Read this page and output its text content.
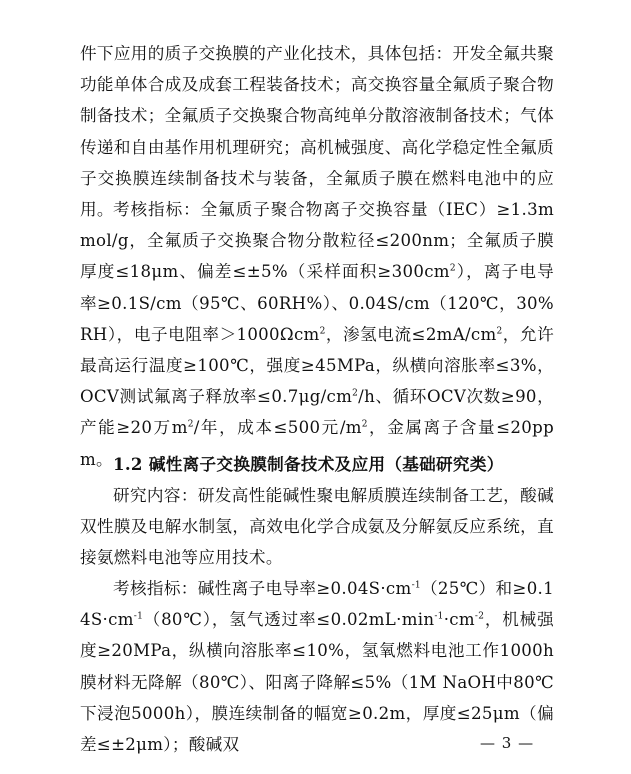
件下应用的质子交换膜的产业化技术，具体包括：开发全氟共聚功能单体合成及成套工程装备技术；高交换容量全氟质子聚合物制备技术；全氟质子交换聚合物高纯单分散溶液制备技术；气体传递和自由基作用机理研究；高机械强度、高化学稳定性全氟质子交换膜连续制备技术与装备，全氟质子膜在燃料电池中的应用。 考核指标：全氟质子聚合物离子交换容量（IEC）≥1.3mmol/g，全氟质子交换聚合物分散粒径≤200nm；全氟质子膜厚度≤18μm、偏差≤±5%（采样面积$\ge 300cm^2$），离子电导率≥0.1S/cm（95℃、60RH%）、0.04S/cm（120℃，30%RH），电子电阻率＞1000Ωcm$^2$，渗氢电流$\le 2mA/cm^2$，允许最高运行温度≥100℃，强度≥45MPa，纵横向溶胀率≤3%，OCV测试氟离子释放率$\le 0.7\mu g/cm^2/h$、循环OCV次数≥90，产能≥20万$m^2/$年，成本≤500元$/m^2$，金属离子含量≤20ppm。 1.2 碱性离子交换膜制备技术及应用（基础研究类）

研究内容：研发高性能碱性聚电解质膜连续制备工艺，酸碱双性膜及电解水制氢，高效电化学合成氨及分解氨反应系统，直接氨燃料电池等应用技术。

考核指标：碱性离子电导率$\ge 0.04S\cdot cm^{-1}(25℃)$和$\ge 0.14S\cdot cm^{-1}(80℃)$，氢气透过率$\le 0.02mL\cdot\min^{-1}\cdot cm^{-2}$，机械强度≥20MPa，纵横向溶胀率≤10%，氢氧燃料电池工作1000h膜材料无降解（80℃）、阳离子降解≤5%（1M NaOH中80℃下浸泡5000h），膜连续制备的幅宽≥0.2m，厚度≤25μm（偏差≤±2μm）；酸碱双	— 3 —
